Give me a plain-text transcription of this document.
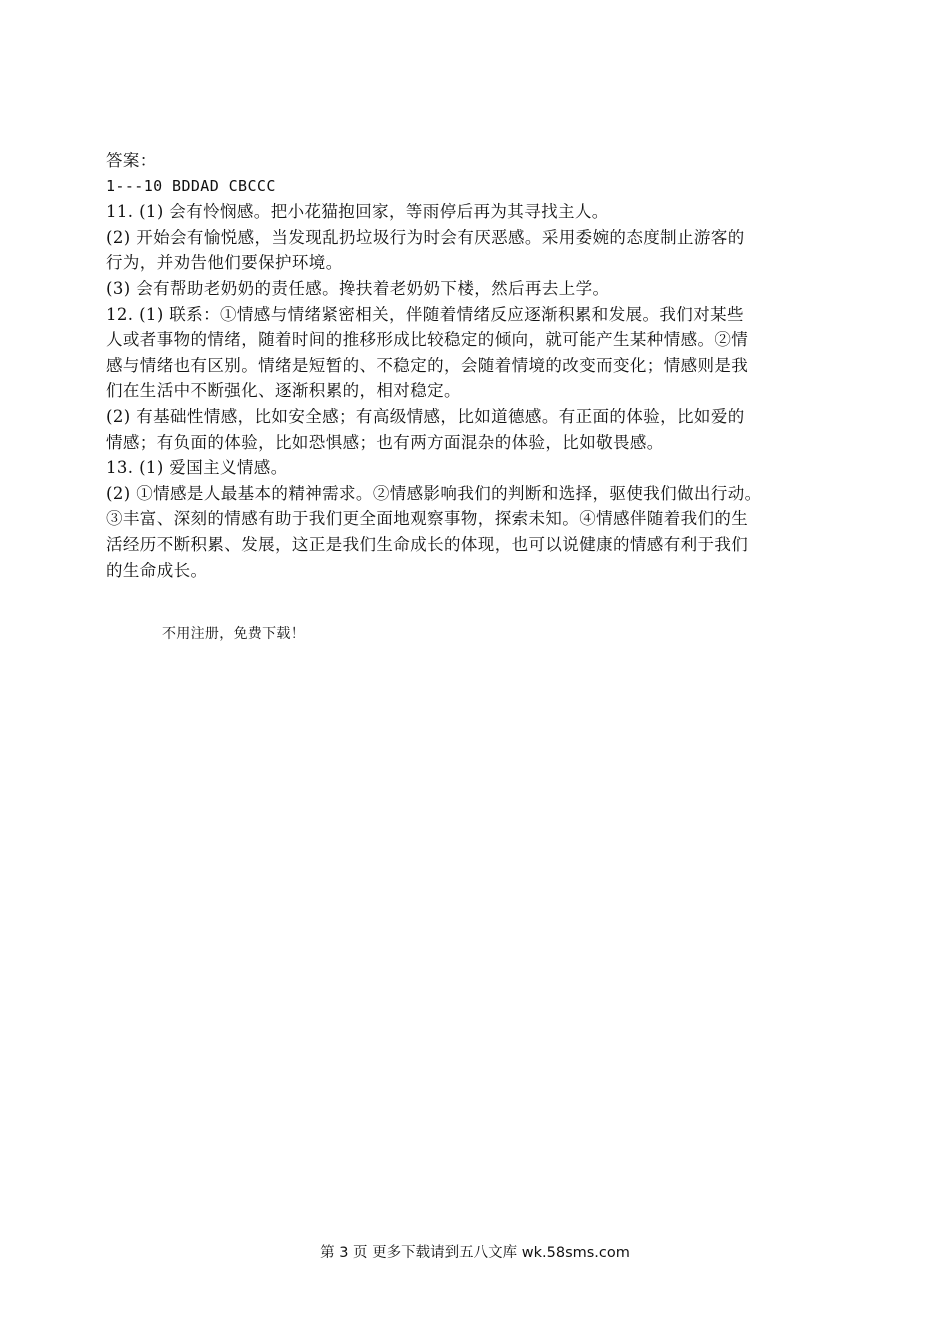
答案：
1---10 BDDAD CBCCC
11. (1) 会有怜悯感。把小花猫抱回家，等雨停后再为其寻找主人。
(2) 开始会有愉悦感，当发现乱扔垃圾行为时会有厌恶感。采用委婉的态度制止游客的
行为，并劝告他们要保护环境。
(3) 会有帮助老奶奶的责任感。搀扶着老奶奶下楼，然后再去上学。
12. (1) 联系：①情感与情绪紧密相关，伴随着情绪反应逐渐积累和发展。我们对某些
人或者事物的情绪，随着时间的推移形成比较稳定的倾向，就可能产生某种情感。②情
感与情绪也有区别。情绪是短暂的、不稳定的，会随着情境的改变而变化；情感则是我
们在生活中不断强化、逐渐积累的，相对稳定。
(2) 有基础性情感，比如安全感；有高级情感，比如道德感。有正面的体验，比如爱的
情感；有负面的体验，比如恐惧感；也有两方面混杂的体验，比如敬畏感。
13. (1) 爱国主义情感。
(2) ①情感是人最基本的精神需求。②情感影响我们的判断和选择，驱使我们做出行动。
③丰富、深刻的情感有助于我们更全面地观察事物，探索未知。④情感伴随着我们的生
活经历不断积累、发展，这正是我们生命成长的体现，也可以说健康的情感有利于我们
的生命成长。
不用注册，免费下载！
第 3 页 更多下载请到五八文库 wk.58sms.com
